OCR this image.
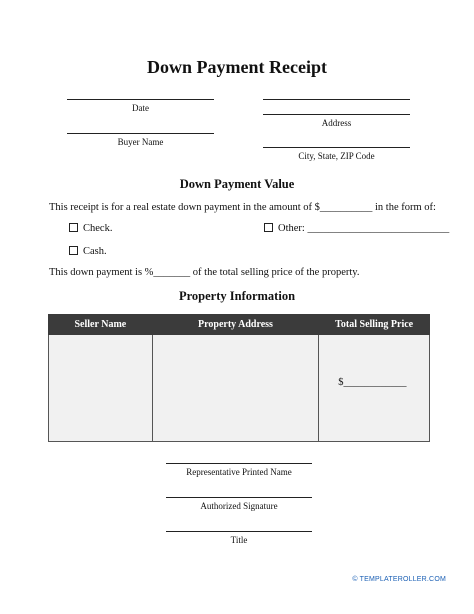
Down Payment Receipt
Date
Buyer Name
Address
City, State, ZIP Code
Down Payment Value
This receipt is for a real estate down payment in the amount of $__________ in the form of:
Check.	Other: ___________________________
Cash.
This down payment is %_______ of the total selling price of the property.
Property Information
Seller Name	Property Address	Total Selling Price

		$____________
Representative Printed Name
Authorized Signature
Title
© TEMPLATEROLLER.COM
